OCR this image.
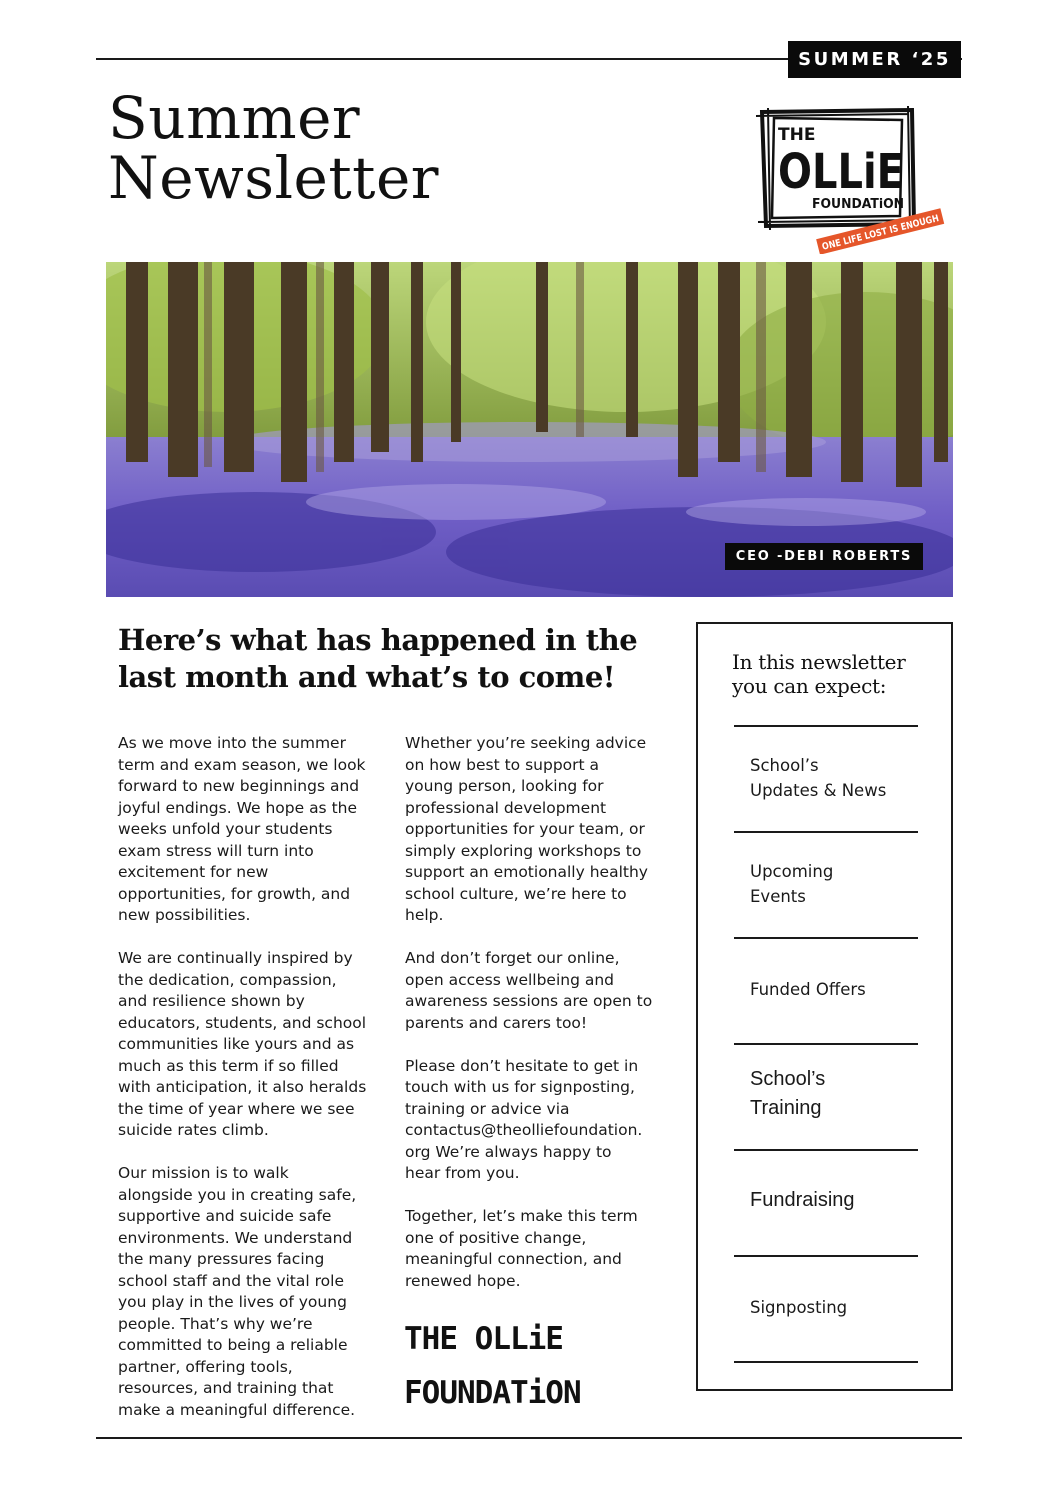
SUMMER ‘25
Summer
Newsletter
THE
OLLiE
FOUNDATiON
ONE LIFE LOST IS ENOUGH
CEO -DEBI ROBERTS
Here’s what has happened in the last month and what’s to come!

As we move into the summer
term and exam season, we look
forward to new beginnings and
joyful endings. We hope as the
weeks unfold your students
exam stress will turn into
excitement for new
opportunities, for growth, and
new possibilities.

We are continually inspired by
the dedication, compassion,
and resilience shown by
educators, students, and school
communities like yours and as
much as this term if so filled
with anticipation, it also heralds
the time of year where we see
suicide rates climb.

Our mission is to walk
alongside you in creating safe,
supportive and suicide safe
environments. We understand
the many pressures facing
school staff and the vital role
you play in the lives of young
people. That’s why we’re
committed to being a reliable
partner, offering tools,
resources, and training that
make a meaningful difference.

Whether you’re seeking advice
on how best to support a
young person, looking for
professional development
opportunities for your team, or
simply exploring workshops to
support an emotionally healthy
school culture, we’re here to
help.

And don’t forget our online,
open access wellbeing and
awareness sessions are open to
parents and carers too!

Please don’t hesitate to get in
touch with us for signposting,
training or advice via
contactus@theolliefoundation.
org We’re always happy to
hear from you.

Together, let’s make this term
one of positive change,
meaningful connection, and
renewed hope.

THE OLLiE
FOUNDATiON
In this newsletter you can expect:
School’s
Updates & News
Upcoming
Events
Funded Offers
School’s
Training
Fundraising
Signposting
